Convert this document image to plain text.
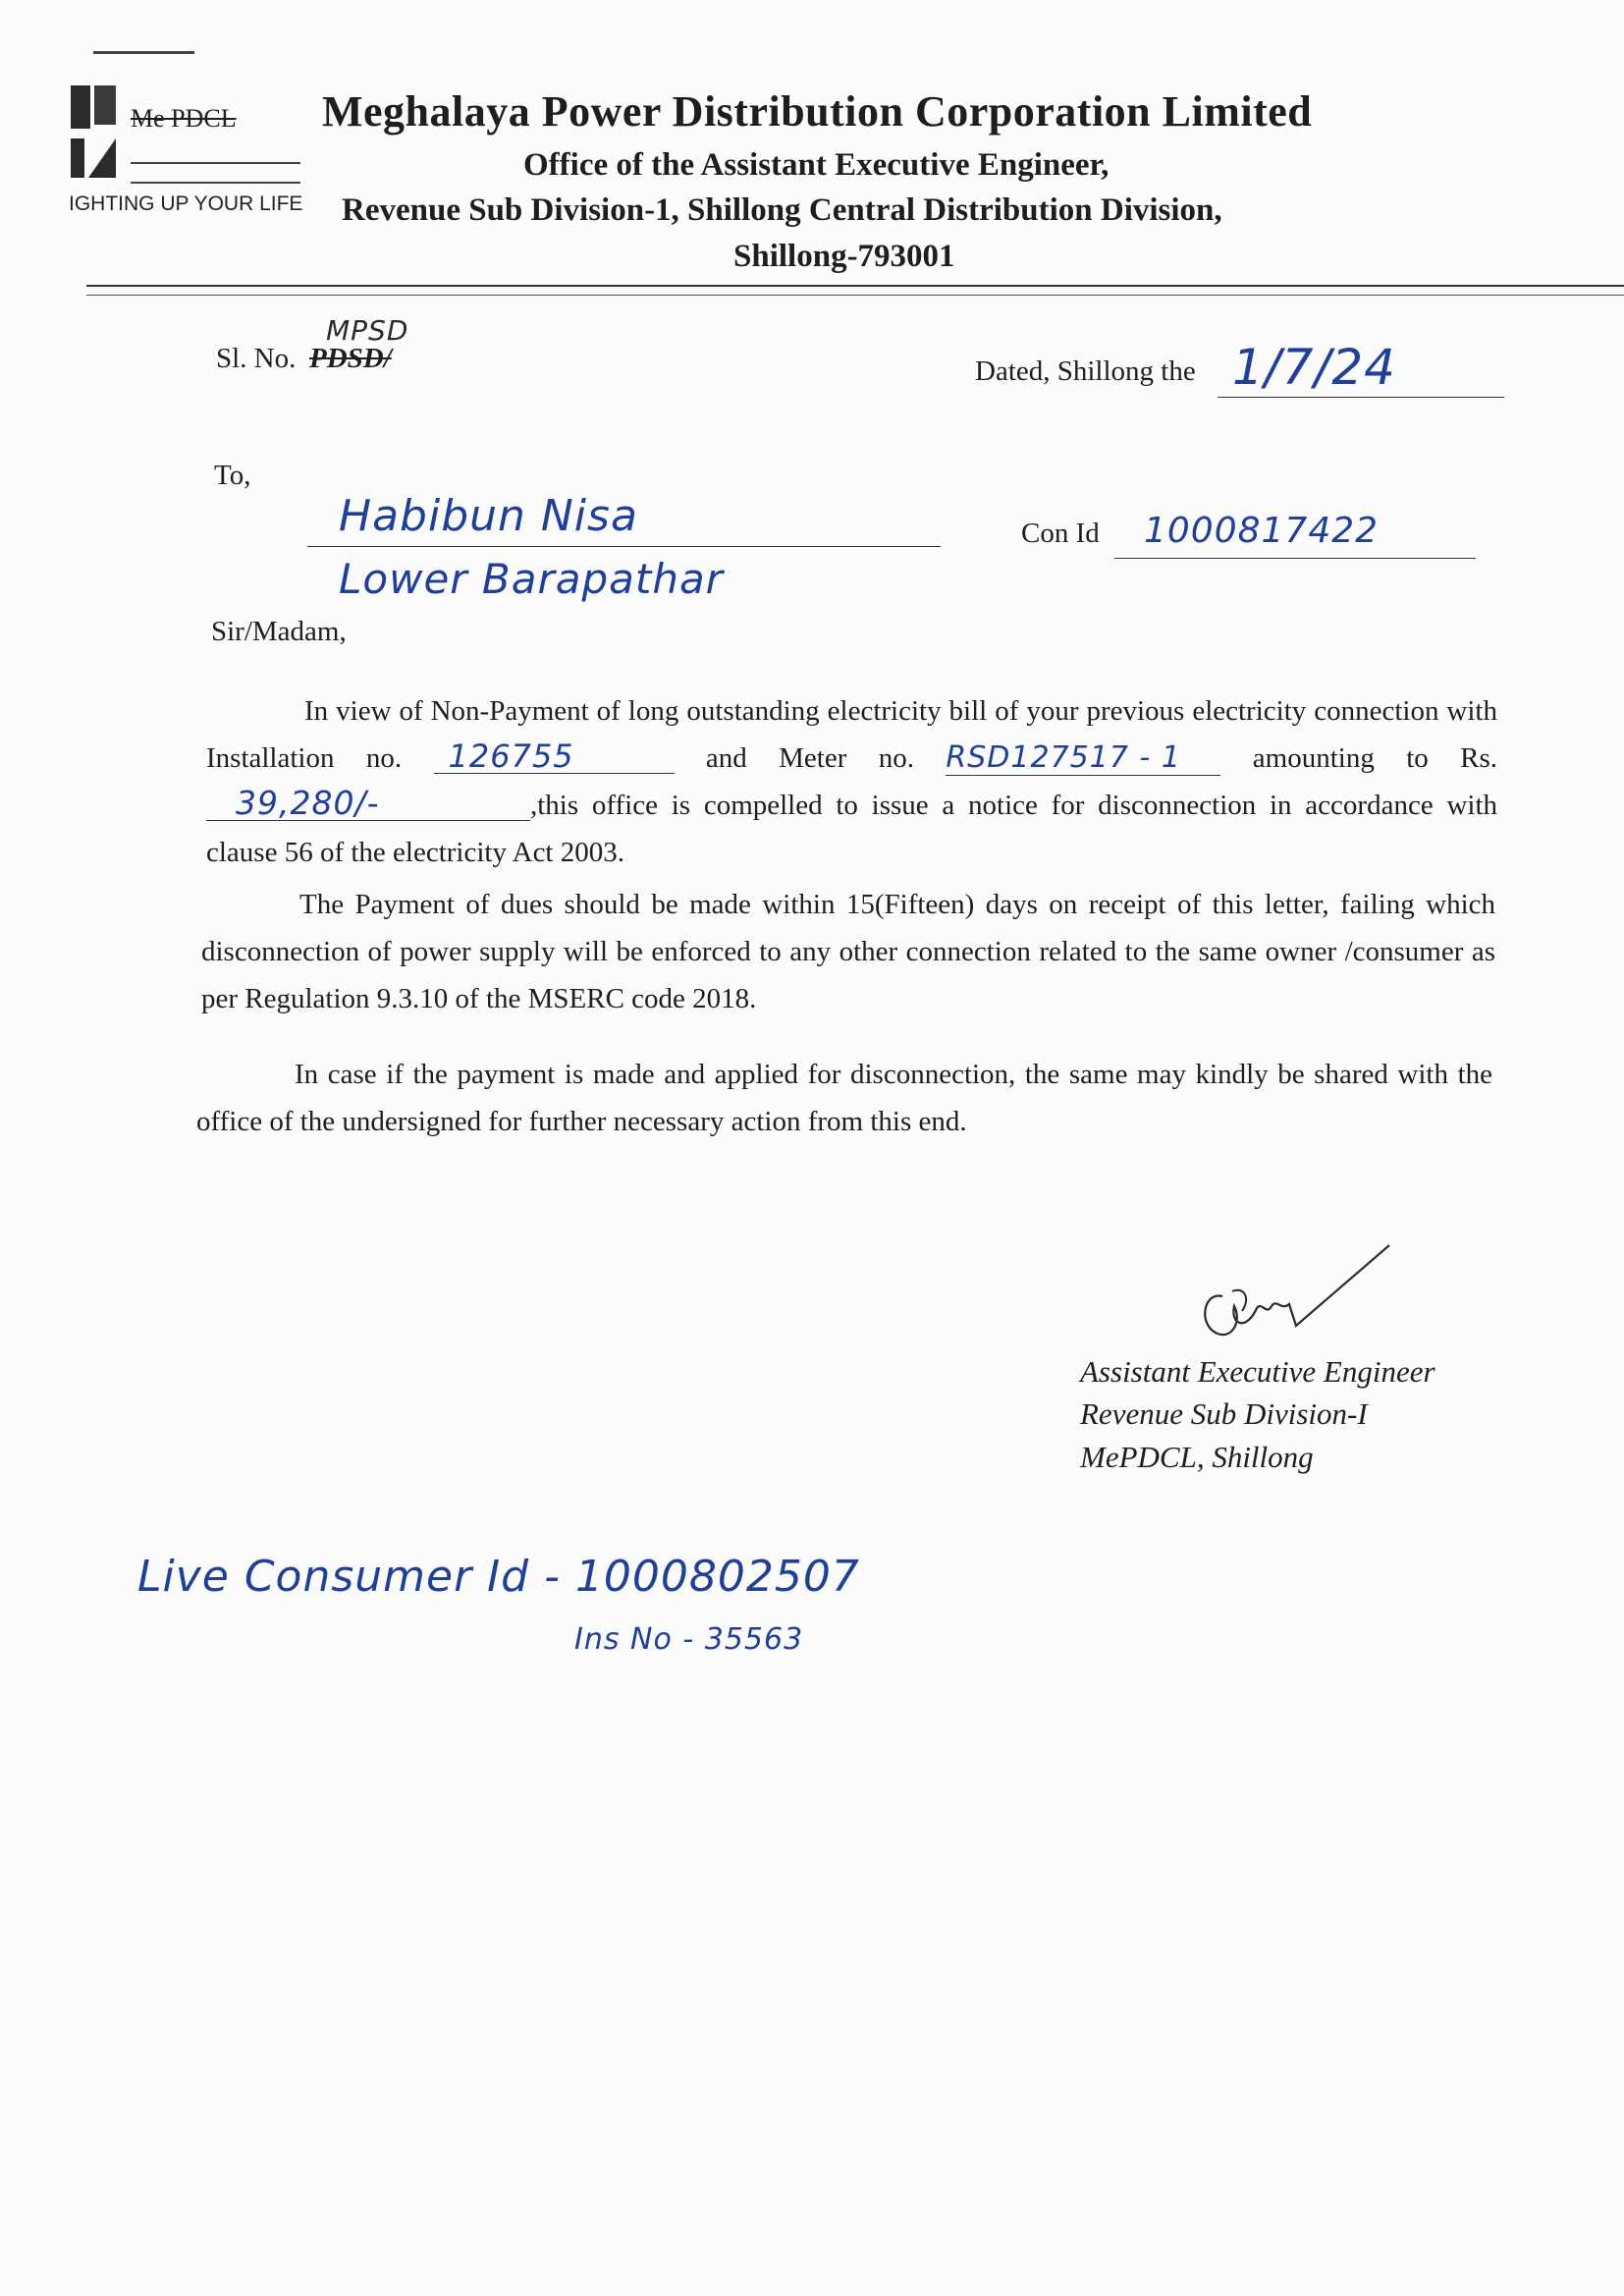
Me PDCL
IGHTING UP YOUR LIFE
Meghalaya Power Distribution Corporation Limited
Office of the Assistant Executive Engineer,
Revenue Sub Division-1, Shillong Central Distribution Division,
Shillong-793001
Sl. No. PDSD/
MPSD
Dated, Shillong the 1/7/24
To,
Habibun Nisa
Lower Barapathar
Con Id 1000817422
Sir/Madam,
In view of Non-Payment of long outstanding electricity bill of your previous electricity connection with Installation no. 126755	and Meter no. RSD127517 - 1	amounting to Rs. 39,280/-	,this office is compelled to issue a notice for disconnection in accordance with clause 56 of the electricity Act 2003.
The Payment of dues should be made within 15(Fifteen) days on receipt of this letter, failing which disconnection of power supply will be enforced to any other connection related to the same owner /consumer as per Regulation 9.3.10 of the MSERC code 2018.
In case if the payment is made and applied for disconnection, the same may kindly be shared with the office of the undersigned for further necessary action from this end.
Assistant Executive Engineer
Revenue Sub Division-I
MePDCL, Shillong
Live Consumer Id - 1000802507
Ins No - 35563
